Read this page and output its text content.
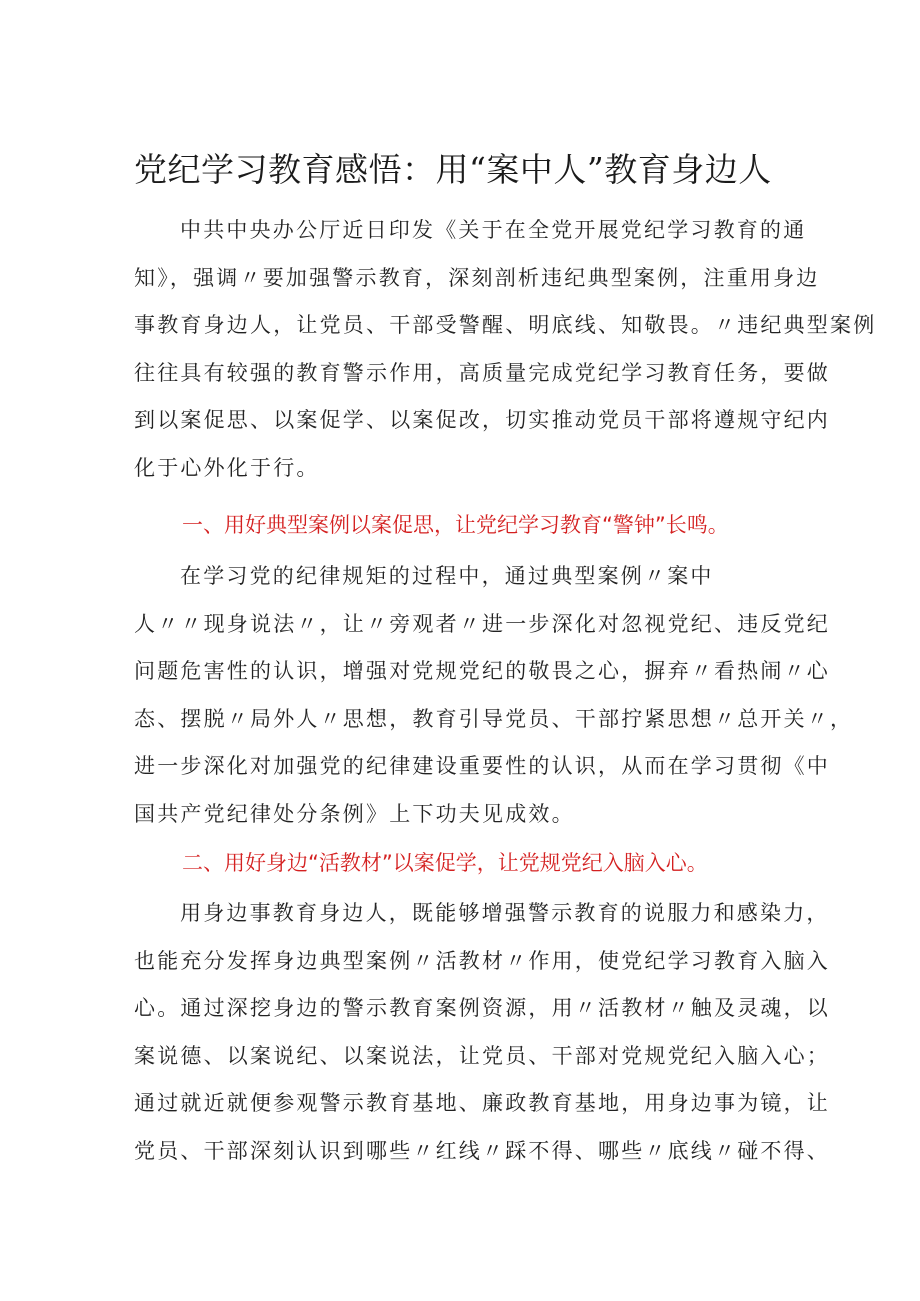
党纪学习教育感悟：用“案中人”教育身边人
中共中央办公厅近日印发《关于在全党开展党纪学习教育的通
知》，强调〃要加强警示教育，深刻剖析违纪典型案例，注重用身边
事教育身边人，让党员、干部受警醒、明底线、知敬畏。〃违纪典型案例
往往具有较强的教育警示作用，高质量完成党纪学习教育任务，要做
到以案促思、以案促学、以案促改，切实推动党员干部将遵规守纪内
化于心外化于行。
一、用好典型案例以案促思，让党纪学习教育“警钟”长鸣。
在学习党的纪律规矩的过程中，通过典型案例〃案中
人〃〃现身说法〃，让〃旁观者〃进一步深化对忽视党纪、违反党纪
问题危害性的认识，增强对党规党纪的敬畏之心，摒弃〃看热闹〃心
态、摆脱〃局外人〃思想，教育引导党员、干部拧紧思想〃总开关〃，
进一步深化对加强党的纪律建设重要性的认识，从而在学习贯彻《中
国共产党纪律处分条例》上下功夫见成效。
二、用好身边“活教材”以案促学，让党规党纪入脑入心。
用身边事教育身边人，既能够增强警示教育的说服力和感染力，
也能充分发挥身边典型案例〃活教材〃作用，使党纪学习教育入脑入
心。通过深挖身边的警示教育案例资源，用〃活教材〃触及灵魂，以
案说德、以案说纪、以案说法，让党员、干部对党规党纪入脑入心；
通过就近就便参观警示教育基地、廉政教育基地，用身边事为镜，让
党员、干部深刻认识到哪些〃红线〃踩不得、哪些〃底线〃碰不得、
